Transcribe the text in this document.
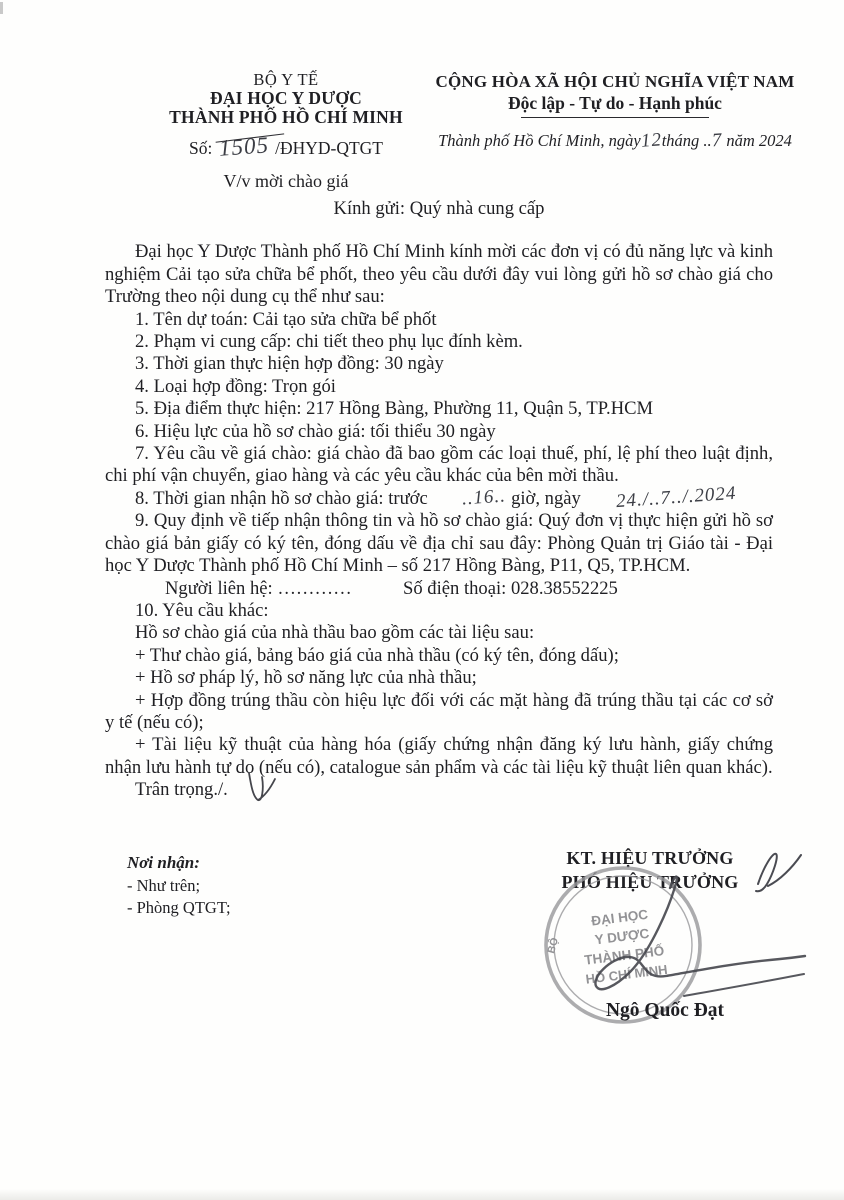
BỘ Y TẾ
ĐẠI HỌC Y DƯỢC
THÀNH PHỐ HỒ CHÍ MINH
Số: 1505 /ĐHYD-QTGT
V/v mời chào giá
CỘNG HÒA XÃ HỘI CHỦ NGHĨA VIỆT NAM
Độc lập - Tự do - Hạnh phúc
Thành phố Hồ Chí Minh, ngày12tháng ..7 năm 2024

Kính gửi: Quý nhà cung cấp

Đại học Y Dược Thành phố Hồ Chí Minh kính mời các đơn vị có đủ năng lực và kinh nghiệm Cải tạo sửa chữa bể phốt, theo yêu cầu dưới đây vui lòng gửi hồ sơ chào giá cho Trường theo nội dung cụ thể như sau:

1. Tên dự toán: Cải tạo sửa chữa bể phốt

2. Phạm vi cung cấp: chi tiết theo phụ lục đính kèm.

3. Thời gian thực hiện hợp đồng: 30 ngày

4. Loại hợp đồng: Trọn gói

5. Địa điểm thực hiện: 217 Hồng Bàng, Phường 11, Quận 5, TP.HCM

6. Hiệu lực của hồ sơ chào giá: tối thiểu 30 ngày

7. Yêu cầu về giá chào: giá chào đã bao gồm các loại thuế, phí, lệ phí theo luật định, chi phí vận chuyển, giao hàng và các yêu cầu khác của bên mời thầu.

8. Thời gian nhận hồ sơ chào giá: trước ..16.. giờ, ngày 24./..7../.2024

9. Quy định về tiếp nhận thông tin và hồ sơ chào giá: Quý đơn vị thực hiện gửi hồ sơ chào giá bản giấy có ký tên, đóng dấu về địa chỉ sau đây: Phòng Quản trị Giáo tài - Đại học Y Dược Thành phố Hồ Chí Minh – số 217 Hồng Bàng, P11, Q5, TP.HCM.

Người liên hệ: …………	Số điện thoại: 028.38552225

10. Yêu cầu khác:

Hồ sơ chào giá của nhà thầu bao gồm các tài liệu sau:

+ Thư chào giá, bảng báo giá của nhà thầu (có ký tên, đóng dấu);

+ Hồ sơ pháp lý, hồ sơ năng lực của nhà thầu;

+ Hợp đồng trúng thầu còn hiệu lực đối với các mặt hàng đã trúng thầu tại các cơ sở y tế (nếu có);

+ Tài liệu kỹ thuật của hàng hóa (giấy chứng nhận đăng ký lưu hành, giấy chứng nhận lưu hành tự do (nếu có), catalogue sản phẩm và các tài liệu kỹ thuật liên quan khác).

Trân trọng./.

Nơi nhận:
- Như trên;
- Phòng QTGT;
KT. HIỆU TRƯỞNG
PHÓ HIỆU TRƯỞNG
ĐẠI HỌC
Y DƯỢC
THÀNH PHỐ
HỒ CHÍ MINH
BỘ
Ngô Quốc Đạt
